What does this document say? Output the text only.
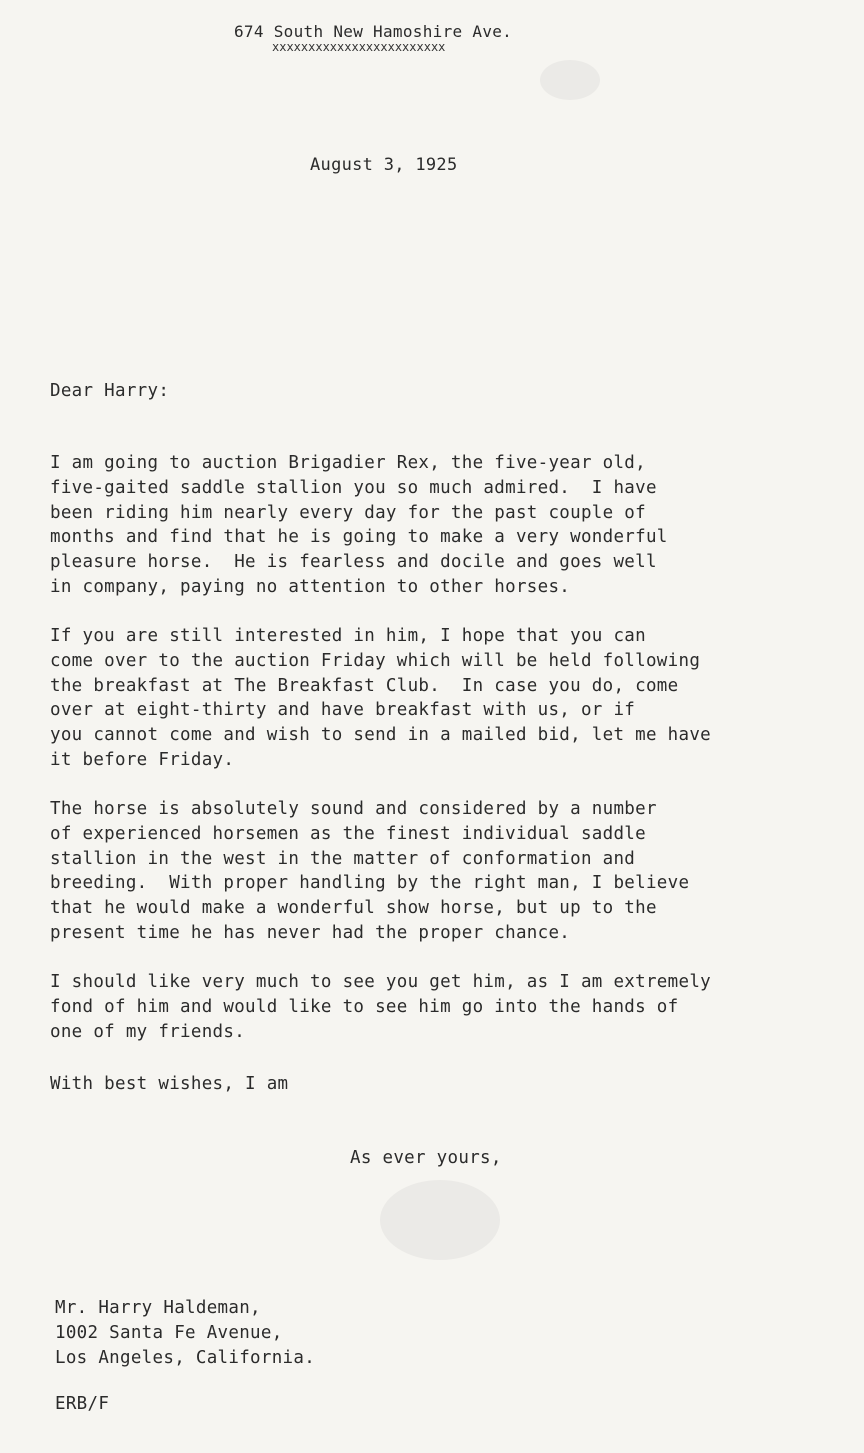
674 South New Hamoshire Ave.

xxxxxxxxxxxxxxxxxxxxxxxx

August 3, 1925

Dear Harry:

I am going to auction Brigadier Rex, the five-year old,
five-gaited saddle stallion you so much admired.  I have
been riding him nearly every day for the past couple of
months and find that he is going to make a very wonderful
pleasure horse.  He is fearless and docile and goes well
in company, paying no attention to other horses.
If you are still interested in him, I hope that you can
come over to the auction Friday which will be held following
the breakfast at The Breakfast Club.  In case you do, come
over at eight-thirty and have breakfast with us, or if
you cannot come and wish to send in a mailed bid, let me have
it before Friday.
The horse is absolutely sound and considered by a number
of experienced horsemen as the finest individual saddle
stallion in the west in the matter of conformation and
breeding.  With proper handling by the right man, I believe
that he would make a wonderful show horse, but up to the
present time he has never had the proper chance.
I should like very much to see you get him, as I am extremely
fond of him and would like to see him go into the hands of
one of my friends.
With best wishes, I am

As ever yours,

Mr. Harry Haldeman,
1002 Santa Fe Avenue,
Los Angeles, California.

ERB/F
